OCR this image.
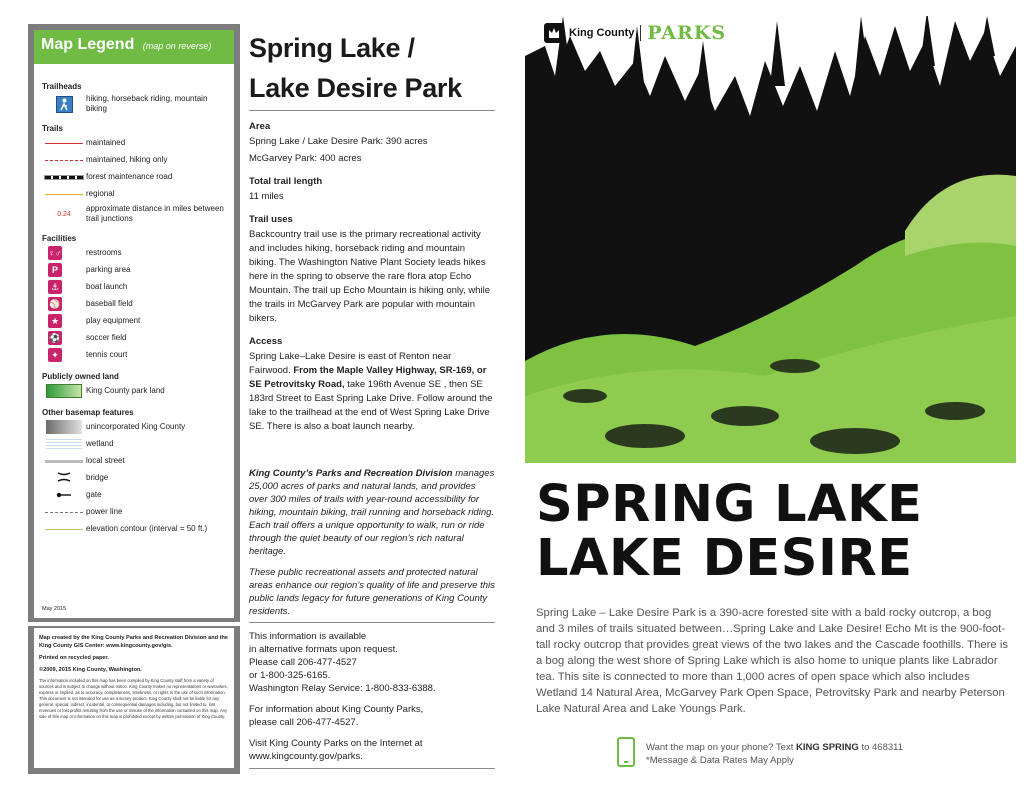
Map Legend (map on reverse)
Trailheads
hiking, horseback riding, mountain biking
Trails
maintained
maintained, hiking only
forest maintenance road
regional
0.24
approximate distance in miles between trail junctions
Facilities
♀♂	restrooms
P	parking area
⚓	boat launch
⚾	baseball field
★	play equipment
⚽	soccer field
✦	tennis court
Publicly owned land
King County park land
Other basemap features
unincorporated King County
wetland
local street
bridge
gate
power line
elevation contour (interval = 50 ft.)
May 2015
Map created by the King County Parks and Recreation Division and the King County GIS Center: www.kingcounty.gov/gis.
Printed on recycled paper.
©2009, 2015 King County, Washington.
The information included on this map has been compiled by King County staff from a variety of sources and is subject to change without notice. King County makes no representations or warranties, express or implied, as to accuracy, completeness, timeliness, or rights to the use of such information. This document is not intended for use as a survey product. King County shall not be liable for any general, special, indirect, incidental, or consequential damages including, but not limited to, lost revenues or lost profits resulting from the use or misuse of the information contained on this map. Any sale of this map or information on this map is prohibited except by written permission of King County.
Spring Lake /
Lake Desire Park
Area
Spring Lake / Lake Desire Park: 390 acres
McGarvey Park: 400 acres
Total trail length
11 miles
Trail uses
Backcountry trail use is the primary recreational activity and includes hiking, horseback riding and mountain biking. The Washington Native Plant Society leads hikes here in the spring to observe the rare flora atop Echo Mountain. The trail up Echo Mountain is hiking only, while the trails in McGarvey Park are popular with mountain bikers.
Access
Spring Lake–Lake Desire is east of Renton near Fairwood. From the Maple Valley Highway, SR-169, or SE Petrovitsky Road, take 196th Avenue SE , then SE 183rd Street to East Spring Lake Drive. Follow around the lake to the trailhead at the end of West Spring Lake Drive SE. There is also a boat launch nearby.

King County’s Parks and Recreation Division manages 25,000 acres of parks and natural lands, and provides over 300 miles of trails with year-round accessibility for hiking, mountain biking, trail running and horseback riding. Each trail offers a unique opportunity to walk, run or ride through the quiet beauty of our region’s rich natural heritage.

These public recreational assets and protected natural areas enhance our region’s quality of life and preserve this public lands legacy for future generations of King County residents.

This information is available
in alternative formats upon request.
Please call 206-477-4527
or 1-800-325-6165.
Washington Relay Service: 1-800-833-6388.

For information about King County Parks,
please call 206-477-4527.

Visit King County Parks on the Internet at
www.kingcounty.gov/parks.

King County PARKS
SPRING LAKE
LAKE DESIRE
Spring Lake – Lake Desire Park is a 390-acre forested site with a bald rocky outcrop, a bog and 3 miles of trails situated between…Spring Lake and Lake Desire! Echo Mt is the 900-foot-tall rocky outcrop that provides great views of the two lakes and the Cascade foothills. There is a bog along the west shore of Spring Lake which is also home to unique plants like Labrador tea. This site is connected to more than 1,000 acres of open space which also includes Wetland 14 Natural Area, McGarvey Park Open Space, Petrovitsky Park and nearby Peterson Lake Natural Area and Lake Youngs Park.
Want the map on your phone? Text KING SPRING to 468311
*Message & Data Rates May Apply
